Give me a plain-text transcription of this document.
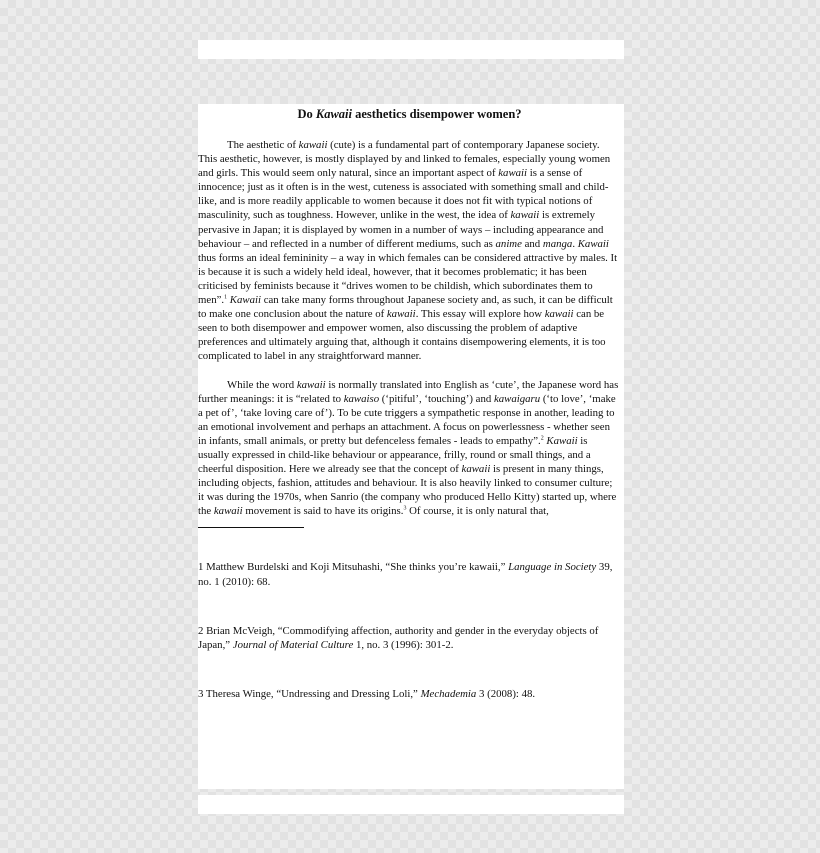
Do Kawaii aesthetics disempower women?

The aesthetic of kawaii (cute) is a fundamental part of contemporary Japanese society. This aesthetic, however, is mostly displayed by and linked to females, especially young women and girls. This would seem only natural, since an important aspect of kawaii is a sense of innocence; just as it often is in the west, cuteness is associated with something small and child-like, and is more readily applicable to women because it does not fit with typical notions of masculinity, such as toughness. However, unlike in the west, the idea of kawaii is extremely pervasive in Japan; it is displayed by women in a number of ways – including appearance and behaviour – and reflected in a number of different mediums, such as anime and manga. Kawaii thus forms an ideal femininity – a way in which females can be considered attractive by males. It is because it is such a widely held ideal, however, that it becomes problematic; it has been criticised by feminists because it “drives women to be childish, which subordinates them to men”.$^1$ Kawaii can take many forms throughout Japanese society and, as such, it can be difficult to make one conclusion about the nature of kawaii. This essay will explore how kawaii can be seen to both disempower and empower women, also discussing the problem of adaptive preferences and ultimately arguing that, although it contains disempowering elements, it is too complicated to label in any straightforward manner.

While the word kawaii is normally translated into English as ‘cute’, the Japanese word has further meanings: it is “related to kawaiso (‘pitiful’, ‘touching’) and kawaigaru (‘to love’, ‘make a pet of’, ‘take loving care of’). To be cute triggers a sympathetic response in another, leading to an emotional involvement and perhaps an attachment. A focus on powerlessness - whether seen in infants, small animals, or pretty but defenceless females - leads to empathy”.$^2$ Kawaii is usually expressed in child-like behaviour or appearance, frilly, round or small things, and a cheerful disposition. Here we already see that the concept of kawaii is present in many things, including objects, fashion, attitudes and behaviour. It is also heavily linked to consumer culture; it was during the 1970s, when Sanrio (the company who produced Hello Kitty) started up, where the kawaii movement is said to have its origins.$^3$ Of course, it is only natural that,

1 Matthew Burdelski and Koji Mitsuhashi, “She thinks you’re kawaii,” Language in Society 39, no. 1 (2010): 68.

2 Brian McVeigh, “Commodifying affection, authority and gender in the everyday objects of Japan,” Journal of Material Culture 1, no. 3 (1996): 301-2.

3 Theresa Winge, “Undressing and Dressing Loli,” Mechademia 3 (2008): 48.
